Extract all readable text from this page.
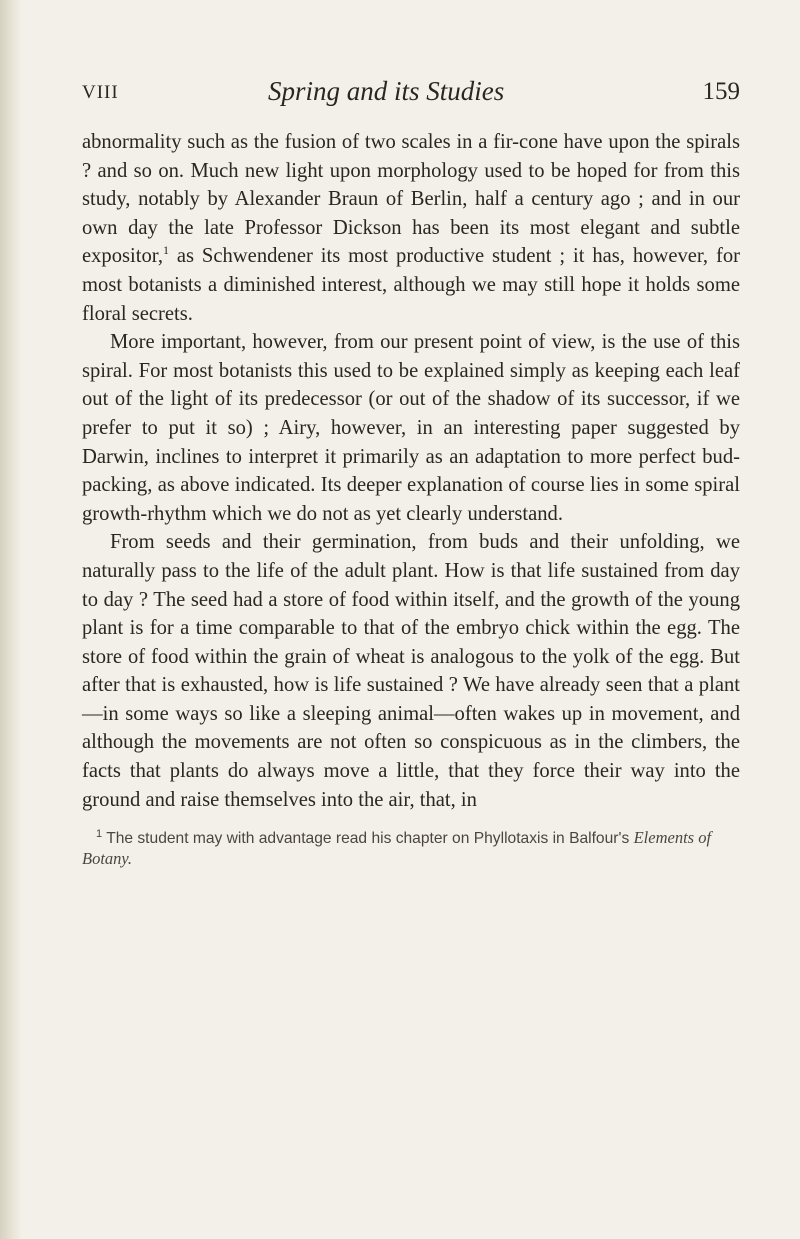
VIII	Spring and its Studies	159

abnormality such as the fusion of two scales in a fir-cone have upon the spirals ? and so on. Much new light upon morphology used to be hoped for from this study, notably by Alexander Braun of Berlin, half a century ago ; and in our own day the late Professor Dickson has been its most elegant and subtle expositor,$^1$ as Schwendener its most productive student ; it has, however, for most botanists a diminished interest, although we may still hope it holds some floral secrets.

More important, however, from our present point of view, is the use of this spiral. For most botanists this used to be explained simply as keeping each leaf out of the light of its predecessor (or out of the shadow of its successor, if we prefer to put it so) ; Airy, however, in an interesting paper suggested by Darwin, inclines to interpret it primarily as an adaptation to more perfect bud-packing, as above indicated. Its deeper explanation of course lies in some spiral growth-rhythm which we do not as yet clearly understand.

From seeds and their germination, from buds and their unfolding, we naturally pass to the life of the adult plant. How is that life sustained from day to day ? The seed had a store of food within itself, and the growth of the young plant is for a time comparable to that of the embryo chick within the egg. The store of food within the grain of wheat is analogous to the yolk of the egg. But after that is exhausted, how is life sustained ? We have already seen that a plant—in some ways so like a sleeping animal—often wakes up in movement, and although the movements are not often so conspicuous as in the climbers, the facts that plants do always move a little, that they force their way into the ground and raise themselves into the air, that, in

$^1$ The student may with advantage read his chapter on Phyllotaxis in Balfour's Elements of Botany.
